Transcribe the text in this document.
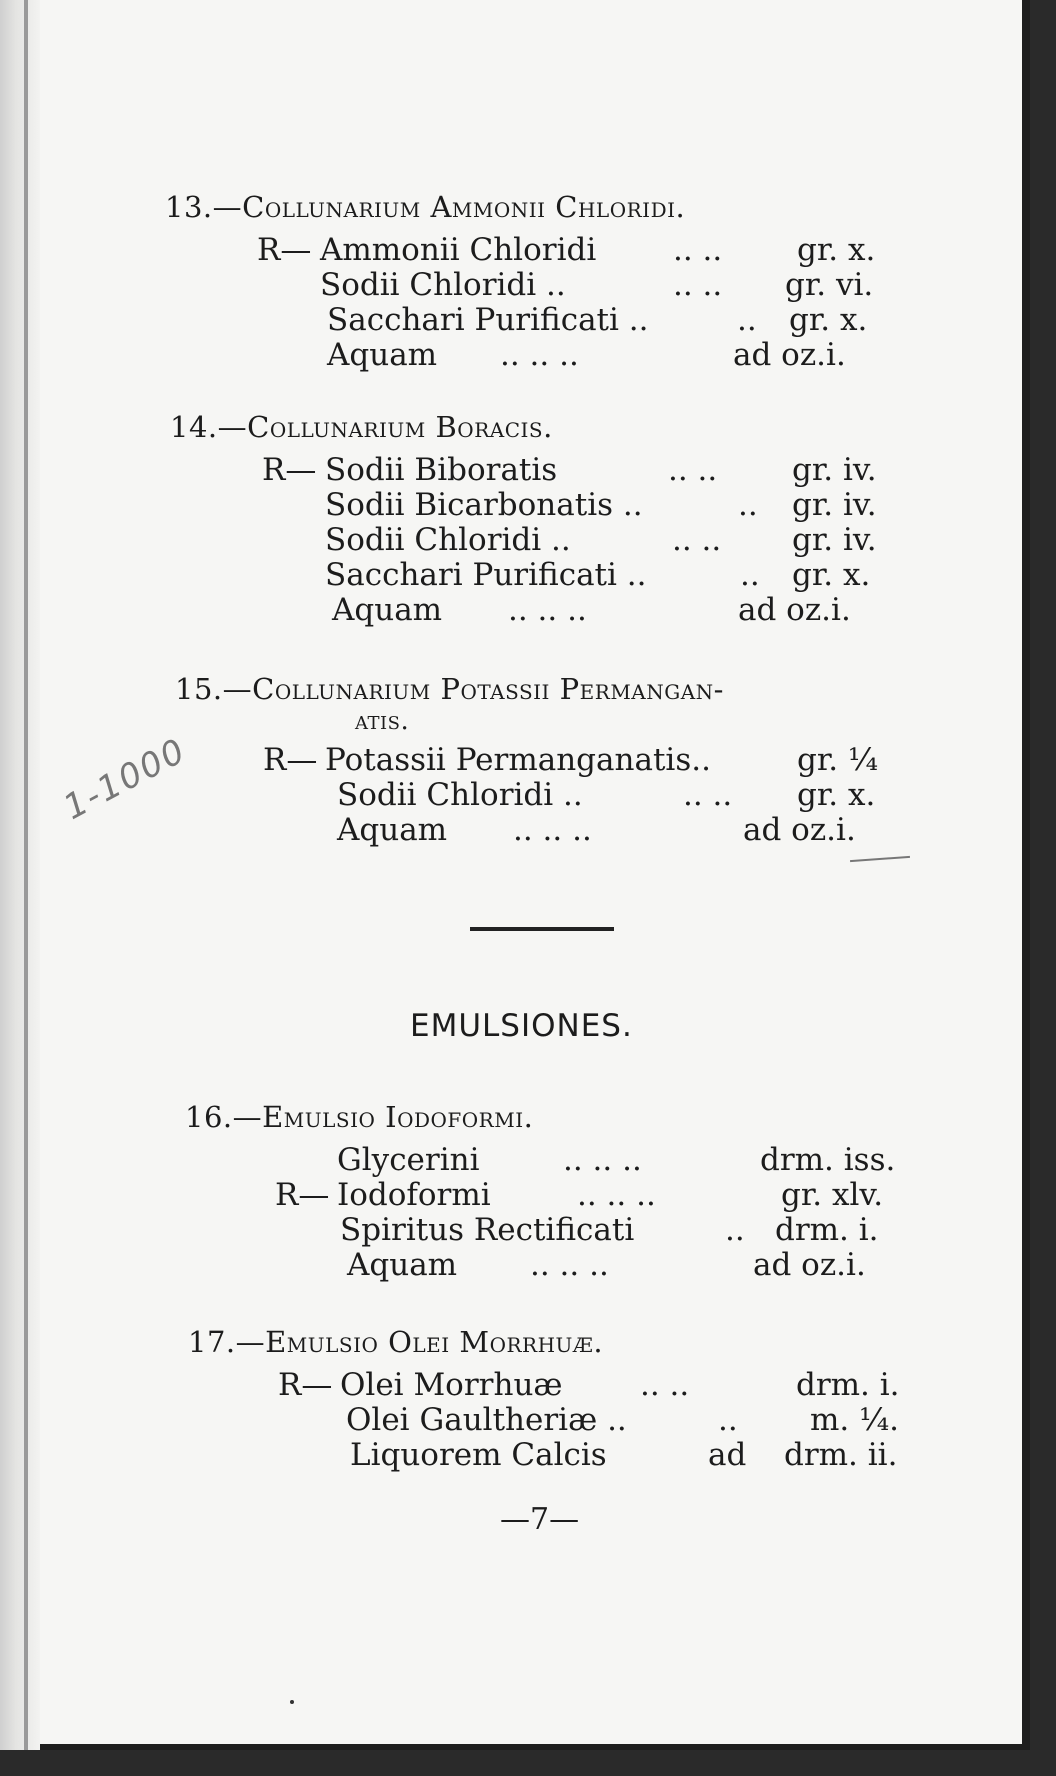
13.—Collunarium Ammonii Chloridi.
R— Ammonii Chloridi .. .. gr. x.
Sodii Chloridi ..	.. .. gr. vi.
Sacchari Purificati ..	.. gr. x.
Aquam .. .. ..	ad oz.i.
14.—Collunarium Boracis.
R— Sodii Biboratis	.. .. gr. iv.
Sodii Bicarbonatis ..	.. gr. iv.
Sodii Chloridi ..	.. .. gr. iv.
Sacchari Purificati ..	.. gr. x.
Aquam .. .. ..	ad oz.i.
15.—Collunarium Potassii Permangan-
atis.
R— Potassii Permanganatis..	gr. ¼
Sodii Chloridi ..	.. .. gr. x.
Aquam .. .. ..	ad oz.i.
1-1000
EMULSIONES.
16.—Emulsio Iodoformi.
Glycerini	.. .. ..	drm. iss.
R— Iodoformi	.. .. ..	gr. xlv.
Spiritus Rectificati	.. drm. i.
Aquam .. .. ..	ad oz.i.
17.—Emulsio Olei Morrhuæ.
R— Olei Morrhuæ .. ..	drm. i.
Olei Gaultheriæ ..	.. m. ¼.
Liquorem Calcis	ad drm. ii.
—7—
